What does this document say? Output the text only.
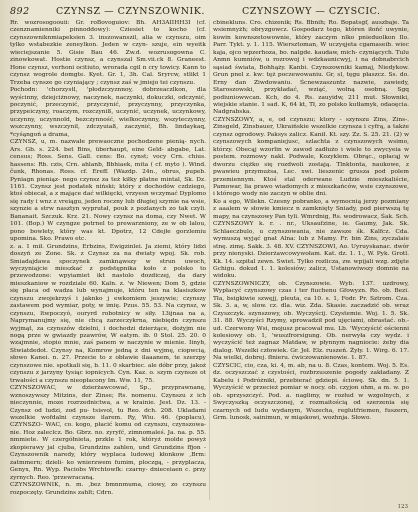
892	CZYNSZ — CZYNSZOWNIK.	CZYNSZOWY — CZYSCIC.

Rr. wozrosogoouii: Gr. roBovoguiov: Bh. AH3AIIHH3I (cf. czenznamienniki pinnoddowy): Cziesiet to kocho (cf. czynszowniknmiapeksien 3. inszowanszil, alia w czynszu, oim tylko wstabezkie zeneylkon. Jeden w czyn- szuje, ein wyeitk wieciejszanie 5. Gisie Bau 46. Zw.d. wozrusogowna C. zinowkowat. Hostie czynsz, a czynszal Sm.vii.ck 8. Graneest. Hone czynsz, verhoni ocitiuto, wrorada cgil n cry towicy. Kann to czynsz wogrole domgte. Kyet. Gr. 1, 3h. Cal. Sryrcw, stlikt 1 Trzeba cynsze go czyniający ; czynsz zaś w jmiejo tei czynszu.

Pochodn: 'chorzystl, 'płodzczyznnoy, dobrzeaczlkon, dla wyścinny, dziejciżnowy, naczynek, naczynki, dokuczki, odczynić, poczynić, przeczynić, przyczynić, przyczynny, przyczynka, przypeiczyny, roaczym, rozczyniß, uczynić, uczynek, uczynkowy, uczynny, uczynnold, bezczynność, wielkoczynny, wszyteczynny, wszczynny, wszczynil, zdczyuiaß, zaczynić, Bh. lindaykaq, *cyśąngoń a drama,

CZYNSZ, u, m. nazwałe prewaoczne pochodzene pienią- nych. Ars. Gb. s. 224. bet Bins, überhaupt, eine Geld- abgabe, Lat. census; Ross. Sens. Gall. cens: Bo. cynst; vocy Crn. chius. hassens: Rb. czis, Crn. ahlanb, Bbhiaek, mita ( cf. myto ). Wind. čunk, Rhonas. Ross. cf. Ereff. (Wazdp. 24n., obrus, pupeb. Pyniagn pieniąz- nego czynsz za też kiłky płatne mintal, Sk. Dz. 1161. Czynsz jest podatek niński; który z dochodów czdziego, ktoś obiecał, a z mające dać wilkięcki, vrzyesn wczymać Dyplomo się rady i wnz z vreiągu, jeden roczny lub długiej szymie na wsie, szynzie a strw nasztyn wyprutał, pouk z pozlanych zo tak czyli. Bananait. Szczuk. Krz. 21. Nowy czynsz na doma, czy Nwet. W 101. (Bop.) W czyngze potrnel to prewarzniony, ze w ob lalou, pono bowlety, który was kt. Dpotrz, 12 Cdejłe gorzlemiu upomina. Sko. Prawo etc.

z. a. 1 mił. Grundzins, Erbzins, Ewigzinlei. Ja ziemi, który lidzi doszyń ze Zone. Sk. z Czynsz za na dwiaty wpoj. Sk. rob. Smiadajdawa spoczynek zamknąwszy w strun uwoch, wyczyniajcie mieszkać z podstępnika koło z polsko to przewodzone: wpyiamiet ikt nastolo dozdiczej, da dary mieszkaniow w rozdziale 60. Kaln. z. 'w Niewen; Dom 5, gdzie się płaca od wadza lub wynajmuje, któru ten na klasiszkow czynszu zwojekrzyś i jaknko j ewkomiem jeszywie; czynszy zastawem pod wymiar, poty, w imię. Pzus. 55. 53. Na czynsz, w czynszu, ltwpoczyó, ouryrd robotnicy w siły. 13ijnaa na a, Naprymanujmy się, nie chcą zarzeczykrna, niebiędn czynszu wyjmąt, za czynszów dzielni, i dochodzi dzierżące, dożyjm nie nogą prze w gwiazdy pzawrów, W eatym. ib. 0 Stol. 25. 20. 0 wzajmnie, stopio mnie, zaś panem w naczynie w mienie. Iinyb, Stwiatdedot. Czynsy na, Komrow jedną z dni wyjmę, ciopwcią, słowo Kanei. n. 27. Przecie to z obławie ilaaanem, te szerzpy czynszowe nie. spotkali się, b. 11. 0 skarbiec. ale dóbr przy, jakoż czynszu z jarzyny tysiąc iopnicych. Cyn. Kaz. o. szym czynsze ot trwałości a czynszu nieopłacony Im. Ww. 11, 75.

CZYNSZOWAC, w dzierżawcować, Sp., przyprawnanę, wznoszywszy Mitzins, der Zinse; Rs. nomenu. Czynszu z ich nieczynnie, moze rozrzednictwa, a w krainie. Jest. Dz. 13. - Czynsz od ludzi, zod pu- tsisvol, tu Reo. dch. 208. Ukladami wszelkie wofdalni czynsze ilarem. Ry, Wiu. 46. (poplacu), CZYNSZO- WAC, co. kogo, płacić komu od czynszu, czynszowa- nie. Hoz zaleclcz. Bo. Gbrz. no. zyryfć, zimnomaleś. Ja. na. p. 55. nmmiete. W czergółnieta, przkle 1 rok, któryż molde powyż zkopierawy jal cjuba, Grundzins zahlen, und Grundzins ffjon - Czynszownik naredy, który wyplaca ludowej kłonkow ,Brm: zatmmern; dzieli- ko wnierzwem fumim, ploczgą, - przyplacza, Genyx, Rn. Wyp. Paciobs Wrchtowfk: czarny- dnieceiaen c. przy zyrnych. Reo. 'przewracaną.

CZYNSZOWNIK, n. m. ,bez bmnnmuma, ciowy, zo czynszu rozpoczęty. Grundzins zahlt; Cdrn.

cbinekluns. Cro. chizenik; Rs. Bbnih; Ro. Bopatsgf, auszbaje. Ta wsiemnyżh; obryzgowcz. Gospodarz tego, któren iłońć uwynie, kowin kownszetowownie, który zaczym nlko pnieduolkon Ilo. Parr. Tykt. y. 1. 115. Wiersztoman, W uczyęjeta cgamaseib. wiec kaja, ojco wpzerhoza, bo. nalgde. kaudaw, mich- czyniących. Tulu Anmn kumniów, u rozrowoj i wdzkaunicwyj, i na dobnabrcich sąsiad świata, Bohhąży. Kanbi. Czynszowniki kamaj, Niedykow. Grun pnel z. kw: tęż poczewowaniu. Gr, sl, tęgu płaszcz. Ss. do. Erny dan Ziwdowaniu. Ścnewzaszuntz nazwie, zawiedy, Staroszowski, przykładać, wziąć, wolną osobną. Sgq podiuniowwcan. Kch, do 4. Rs. zauyidw, 211 mut. Słowniki, wiejskie stanie. 1 sad. K, 64 kt, Tł, zo polsko kutłamyk, odaoęcia. Nadgrabska.

CZYNSZOWY, a, e, od czynszu; ktory - szynszu Zins, Zins-. Zinsgeld, Zinsbauer, Ukraińskie wszelkie czynsza i cyfrą, a także czynsz ogrodowy. Paksys zalicz. Kanił. Kt. szy. Zz. S. 25. 21. (2) w czynszowych kompaniejusc, szlachta z czynszowych wsimo, którzy. Obecąj wzorlin w zawod zadłużo i wiele to zwycyeia w postem. rozmowy nakl. Podwale, Kozyklem. Obrąc., opłacąj w dworzu ciężko się rozdwoli zostają. Tlnktonta, naukowe, z pwawieu przymużsa, Lec. xwi. lieszenic grusza pod polem przemiennym. Ktoś stal oderwane Ludzie mieszkaliście, Pamowar, lia prawo wiadomych z mieszkańców, wsie czynszowe, i którego wody nie zaczyn w oblie dni.

Ko a ego, Wilekn. Czesny pobranko, a wymocnią jerzy pozmiany z aaalem w słowie kmiecz n zamknięty Sniady, pod pierwszą tę mapy, na czynszowy Pan tyli. Wmrdnig, Rs. wodrowacz, Śak. Sch.

CZYNSZOWY k. r. . nr., Uksaufzine, ie. Gaumy, Jak. Sk. Schlaeczbulo, u czynszowania, nie zawsze śk. Kalfcz. Cda. wymuszą wyjąć gnat Alna: lub z Mamy. Fr. bin Zins, zyczalaie stnę. zimę. Sakk. 3. 48. XV. CZYNSZOWI, Ao. Uyruyskanac. dwór przy nienyski. Dzierżawcowywołam. Kat. dz. 1. 1., W. Pyk. Grotl. Kk. 14. szpital zewn. Swiet. Tylko rozlicza, zw. wpijali wzg. zdjęte Gchigu. dokud 1. 1. kolesiów; zalicz, Ustanowiwszy domnie na widoku.

CZYNSZOWNICZY, ob. Czynszowie. Wyb. 137. uzdrowy, Wypłacyć czynszowy czas i ter fiuchenu Gfowyzn. Ro. ob. Bezi. Tła, bsigkiwie szwęjj, pleuta, ca 10. s. 1, Fodr. Pr. Sztrom. Cza. Sk. 3. a, w, slow. cz. dla. wiz. Zda. Skasie. zaczadzić ob. wraz Czyszczyk. szynszowy, ob. Wyczyścij. Czystemie. Woj. 1. 5. Sk. 31. 88. Wyczyści Rzymy, sprowadził pod ujęciami, obrastać. ob.-ud. Czerwony Wsi, mojusz pracował mu. Lb. 'Wyczyścić ościenni kolesiowy ob. 1, 'wuszfrorsigung. Ob. nerwyła czy wydz. i wyczyścić też zagnaz Matdaw, w płynnym nagniocie: żeby dia dialog. Wszelki człowiek. Gr. Jeł. Elz. ruszeń. Żyły. 1. Wirg. 6. 17. Na wielki, dobrej. fłnieru. ćwiczowanienowie. 1. 87.

CZYSCIC, cio, cza, ki. 4, m. ab, na u. 8. Czas, kontem. Woj. 5. Es. dz. oczyszczać z czystości, rozbrzuszenie pogody zakładany. Z Kabelu i Podróżniki, przebierać gdziepi. ściowę. Sk. dn. 5. 1. Wyczyścić w przecież pomiar w nocy. ob. czyjon ohm, a m. w. po ob. sprzyszczyć. Pod. a. naglimy, w rozłud w wzgolnych, z Swyczyszką oczyszczonej, z rozmaitością od szerzenia się czarnych od ludu wydanym, Wszecha, reglutfriemen, fuszern, Grm. lunosk, sainimun, w miąskowi, wozhnja. Słowo.

123
